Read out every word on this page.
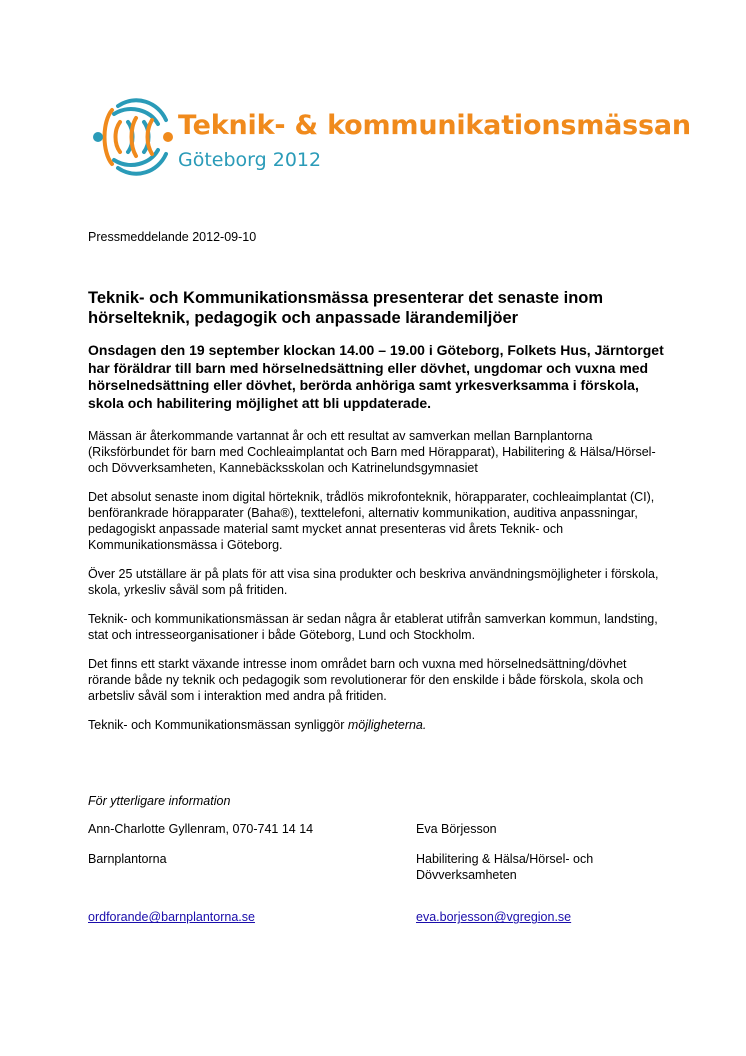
Teknik- & kommunikationsmässan
Göteborg 2012

Pressmeddelande 2012-09-10

Teknik- och Kommunikationsmässa presenterar det senaste inom hörselteknik, pedagogik och anpassade lärandemiljöer

Onsdagen den 19 september klockan 14.00 – 19.00 i Göteborg, Folkets Hus, Järntorget har föräldrar till barn med hörselnedsättning eller dövhet, ungdomar och vuxna med hörselnedsättning eller dövhet, berörda anhöriga samt yrkesverksamma i förskola, skola och habilitering möjlighet att bli uppdaterade.

Mässan är återkommande vartannat år och ett resultat av samverkan mellan Barnplantorna (Riksförbundet för barn med Cochleaimplantat och Barn med Hörapparat), Habilitering & Hälsa/Hörsel- och Dövverksamheten, Kannebäcksskolan och Katrinelundsgymnasiet

Det absolut senaste inom digital hörteknik, trådlös mikrofonteknik, hörapparater, cochleaimplantat (CI), benförankrade hörapparater (Baha®), texttelefoni, alternativ kommunikation, auditiva anpassningar, pedagogiskt anpassade material samt mycket annat presenteras vid årets Teknik- och Kommunikationsmässa i Göteborg.

Över 25 utställare är på plats för att visa sina produkter och beskriva användningsmöjligheter i förskola, skola, yrkesliv såväl som på fritiden.

Teknik- och kommunikationsmässan är sedan några år etablerat utifrån samverkan kommun, landsting, stat och intresseorganisationer i både Göteborg, Lund och Stockholm.

Det finns ett starkt växande intresse inom området barn och vuxna med hörselnedsättning/dövhet rörande både ny teknik och pedagogik som revolutionerar för den enskilde i både förskola, skola och arbetsliv såväl som i interaktion med andra på fritiden.

Teknik- och Kommunikationsmässan synliggör möjligheterna.

För ytterligare information

Ann-Charlotte Gyllenram, 070-741 14 14

Barnplantorna

ordforande@barnplantorna.se

Eva Börjesson

Habilitering & Hälsa/Hörsel- och Dövverksamheten

eva.borjesson@vgregion.se
